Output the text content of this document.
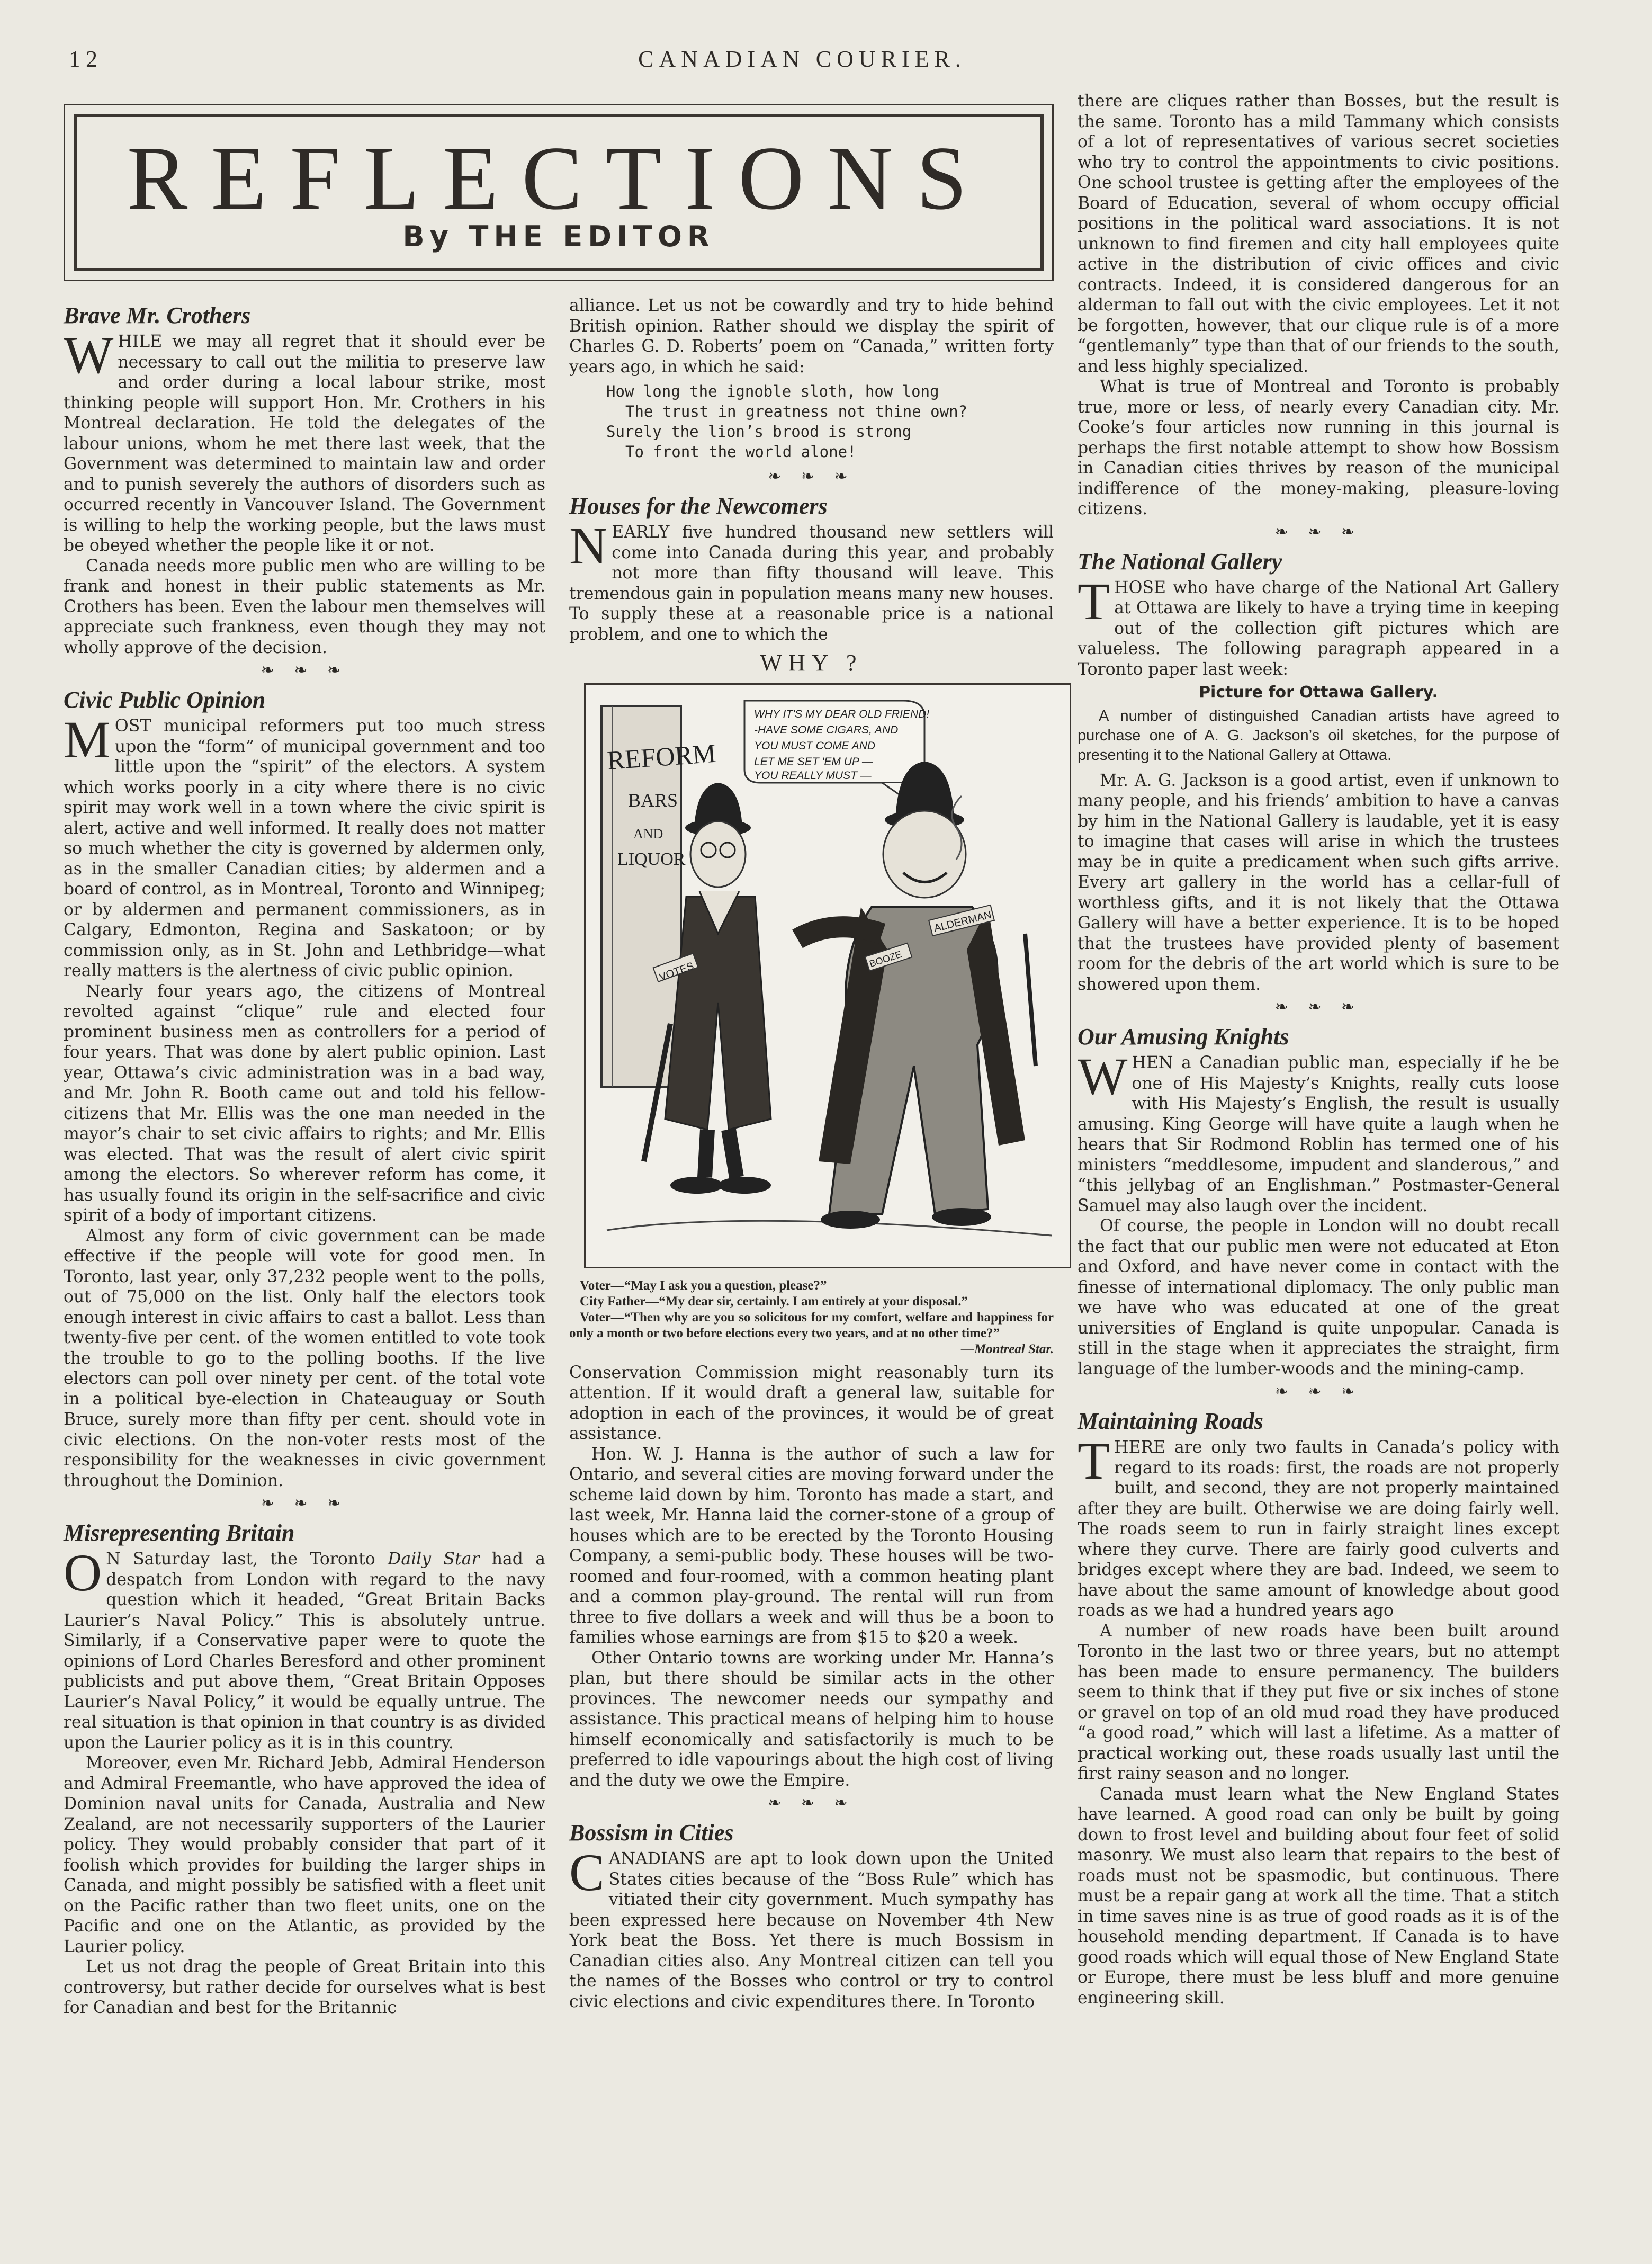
12	CANADIAN COURIER.
REFLECTIONS
By THE EDITOR
Brave Mr. Crothers

WHILE we may all regret that it should ever be necessary to call out the militia to preserve law and order during a local labour strike, most thinking people will support Hon. Mr. Crothers in his Montreal declaration. He told the delegates of the labour unions, whom he met there last week, that the Government was determined to maintain law and order and to punish severely the authors of disorders such as occurred recently in Vancouver Island. The Government is willing to help the working people, but the laws must be obeyed whether the people like it or not.

Canada needs more public men who are willing to be frank and honest in their public statements as Mr. Crothers has been. Even the labour men themselves will appreciate such frankness, even though they may not wholly approve of the decision.

❧ ❧ ❧
Civic Public Opinion

MOST municipal reformers put too much stress upon the “form” of municipal government and too little upon the “spirit” of the electors. A system which works poorly in a city where there is no civic spirit may work well in a town where the civic spirit is alert, active and well informed. It really does not matter so much whether the city is governed by aldermen only, as in the smaller Canadian cities; by aldermen and a board of control, as in Montreal, Toronto and Winnipeg; or by aldermen and permanent commissioners, as in Calgary, Edmonton, Regina and Saskatoon; or by commission only, as in St. John and Lethbridge—what really matters is the alertness of civic public opinion.

Nearly four years ago, the citizens of Montreal revolted against “clique” rule and elected four prominent business men as controllers for a period of four years. That was done by alert public opinion. Last year, Ottawa’s civic administration was in a bad way, and Mr. John R. Booth came out and told his fellow-citizens that Mr. Ellis was the one man needed in the mayor’s chair to set civic affairs to rights; and Mr. Ellis was elected. That was the result of alert civic spirit among the electors. So wherever reform has come, it has usually found its origin in the self-sacrifice and civic spirit of a body of important citizens.

Almost any form of civic government can be made effective if the people will vote for good men. In Toronto, last year, only 37,232 people went to the polls, out of 75,000 on the list. Only half the electors took enough interest in civic affairs to cast a ballot. Less than twenty-five per cent. of the women entitled to vote took the trouble to go to the polling booths. If the live electors can poll over ninety per cent. of the total vote in a political bye-election in Chateauguay or South Bruce, surely more than fifty per cent. should vote in civic elections. On the non-voter rests most of the responsibility for the weaknesses in civic government throughout the Dominion.

❧ ❧ ❧
Misrepresenting Britain

O N Saturday last, the Toronto Daily Star had a despatch from London with regard to the navy question which it headed, “Great Britain Backs Laurier’s Naval Policy.” This is absolutely untrue. Similarly, if a Conservative paper were to quote the opinions of Lord Charles Beresford and other prominent publicists and put above them, “Great Britain Opposes Laurier’s Naval Policy,” it would be equally untrue. The real situation is that opinion in that country is as divided upon the Laurier policy as it is in this country.

Moreover, even Mr. Richard Jebb, Admiral Henderson and Admiral Freemantle, who have approved the idea of Dominion naval units for Canada, Australia and New Zealand, are not necessarily supporters of the Laurier policy. They would probably consider that part of it foolish which provides for building the larger ships in Canada, and might possibly be satisfied with a fleet unit on the Pacific rather than two fleet units, one on the Pacific and one on the Atlantic, as provided by the Laurier policy.

Let us not drag the people of Great Britain into this controversy, but rather decide for ourselves what is best for Canadian and best for the Britannic

alliance. Let us not be cowardly and try to hide behind British opinion. Rather should we display the spirit of Charles G. D. Roberts’ poem on “Canada,” written forty years ago, in which he said:

How long the ignoble sloth, how long
The trust in greatness not thine own?
Surely the lion’s brood is strong
To front the world alone!
❧ ❧ ❧
Houses for the Newcomers

NEARLY five hundred thousand new settlers will come into Canada during this year, and probably not more than fifty thousand will leave. This tremendous gain in population means many new houses. To supply these at a reasonable price is a national problem, and one to which the

WHY ?
REFORM
BARS
AND
LIQUOR
WHY IT'S MY DEAR OLD FRIEND! -HAVE SOME CIGARS, AND YOU MUST COME AND LET ME SET 'EM UP — YOU REALLY MUST —
VOTES
ALDERMAN
BOOZE

Voter—“May I ask you a question, please?”

City Father—“My dear sir, certainly. I am entirely at your disposal.”

Voter—“Then why are you so solicitous for my comfort, welfare and happiness for only a month or two before elections every two years, and at no other time?”

—Montreal Star.

Conservation Commission might reasonably turn its attention. If it would draft a general law, suitable for adoption in each of the provinces, it would be of great assistance.

Hon. W. J. Hanna is the author of such a law for Ontario, and several cities are moving forward under the scheme laid down by him. Toronto has made a start, and last week, Mr. Hanna laid the corner-stone of a group of houses which are to be erected by the Toronto Housing Company, a semi-public body. These houses will be two-roomed and four-roomed, with a common heating plant and a common play-ground. The rental will run from three to five dollars a week and will thus be a boon to families whose earnings are from $15 to $20 a week.

Other Ontario towns are working under Mr. Hanna’s plan, but there should be similar acts in the other provinces. The newcomer needs our sympathy and assistance. This practical means of helping him to house himself economically and satisfactorily is much to be preferred to idle vapourings about the high cost of living and the duty we owe the Empire.

❧ ❧ ❧
Bossism in Cities

CANADIANS are apt to look down upon the United States cities because of the “Boss Rule” which has vitiated their city government. Much sympathy has been expressed here because on November 4th New York beat the Boss. Yet there is much Bossism in Canadian cities also. Any Montreal citizen can tell you the names of the Bosses who control or try to control civic elections and civic expenditures there. In Toronto

there are cliques rather than Bosses, but the result is the same. Toronto has a mild Tammany which consists of a lot of representatives of various secret societies who try to control the appointments to civic positions. One school trustee is getting after the employees of the Board of Education, several of whom occupy official positions in the political ward associations. It is not unknown to find firemen and city hall employees quite active in the distribution of civic offices and civic contracts. Indeed, it is considered dangerous for an alderman to fall out with the civic employees. Let it not be forgotten, however, that our clique rule is of a more “gentlemanly” type than that of our friends to the south, and less highly specialized.

What is true of Montreal and Toronto is probably true, more or less, of nearly every Canadian city. Mr. Cooke’s four articles now running in this journal is perhaps the first notable attempt to show how Bossism in Canadian cities thrives by reason of the municipal indifference of the money-making, pleasure-loving citizens.

❧ ❧ ❧
The National Gallery

THOSE who have charge of the National Art Gallery at Ottawa are likely to have a trying time in keeping out of the collection gift pictures which are valueless. The following paragraph appeared in a Toronto paper last week:

Picture for Ottawa Gallery.

A number of distinguished Canadian artists have agreed to purchase one of A. G. Jackson’s oil sketches, for the purpose of presenting it to the National Gallery at Ottawa.

Mr. A. G. Jackson is a good artist, even if unknown to many people, and his friends’ ambition to have a canvas by him in the National Gallery is laudable, yet it is easy to imagine that cases will arise in which the trustees may be in quite a predicament when such gifts arrive. Every art gallery in the world has a cellar-full of worthless gifts, and it is not likely that the Ottawa Gallery will have a better experience. It is to be hoped that the trustees have provided plenty of basement room for the debris of the art world which is sure to be showered upon them.

❧ ❧ ❧
Our Amusing Knights

WHEN a Canadian public man, especially if he be one of His Majesty’s Knights, really cuts loose with His Majesty’s English, the result is usually amusing. King George will have quite a laugh when he hears that Sir Rodmond Roblin has termed one of his ministers “meddlesome, impudent and slanderous,” and “this jellybag of an Englishman.” Postmaster-General Samuel may also laugh over the incident.

Of course, the people in London will no doubt recall the fact that our public men were not educated at Eton and Oxford, and have never come in contact with the finesse of international diplomacy. The only public man we have who was educated at one of the great universities of England is quite unpopular. Canada is still in the stage when it appreciates the straight, firm language of the lumber-woods and the mining-camp.

❧ ❧ ❧
Maintaining Roads

THERE are only two faults in Canada’s policy with regard to its roads: first, the roads are not properly built, and second, they are not properly maintained after they are built. Otherwise we are doing fairly well. The roads seem to run in fairly straight lines except where they curve. There are fairly good culverts and bridges except where they are bad. Indeed, we seem to have about the same amount of knowledge about good roads as we had a hundred years ago

A number of new roads have been built around Toronto in the last two or three years, but no attempt has been made to ensure permanency. The builders seem to think that if they put five or six inches of stone or gravel on top of an old mud road they have produced “a good road,” which will last a lifetime. As a matter of practical working out, these roads usually last until the first rainy season and no longer.

Canada must learn what the New England States have learned. A good road can only be built by going down to frost level and building about four feet of solid masonry. We must also learn that repairs to the best of roads must not be spasmodic, but continuous. There must be a repair gang at work all the time. That a stitch in time saves nine is as true of good roads as it is of the household mending department. If Canada is to have good roads which will equal those of New England State or Europe, there must be less bluff and more genuine engineering skill.
